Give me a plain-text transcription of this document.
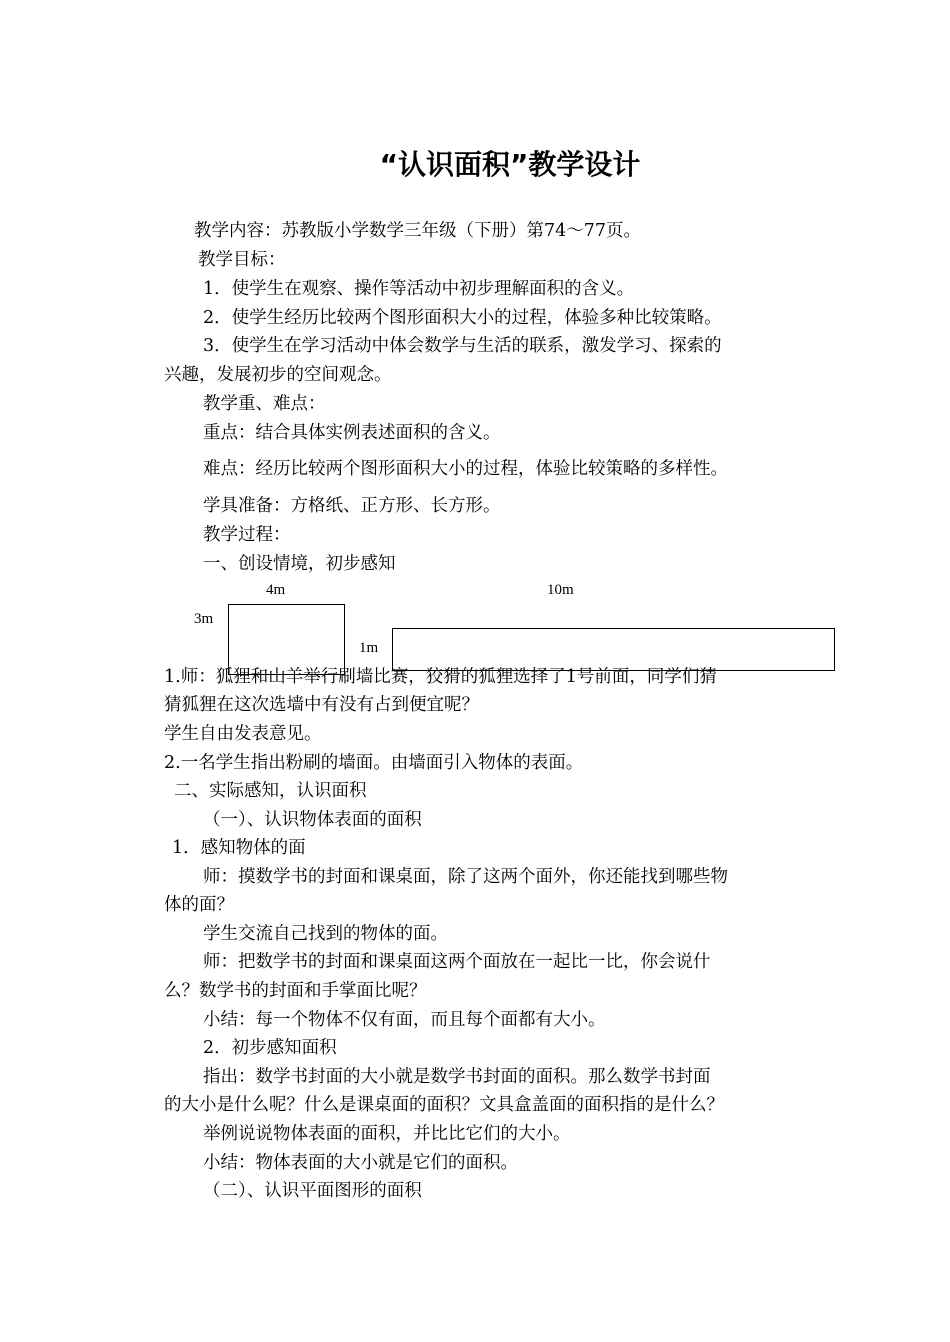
“认识面积”教学设计
教学内容：苏教版小学数学三年级（下册）第74～77页。
教学目标：
1．使学生在观察、操作等活动中初步理解面积的含义。
2．使学生经历比较两个图形面积大小的过程，体验多种比较策略。
3．使学生在学习活动中体会数学与生活的联系，激发学习、探索的
兴趣，发展初步的空间观念。
教学重、难点：
重点：结合具体实例表述面积的含义。
难点：经历比较两个图形面积大小的过程，体验比较策略的多样性。
学具准备：方格纸、正方形、长方形。
教学过程：
一、创设情境，初步感知
4m	10m
3m
1m
1.师：狐狸和山羊举行刷墙比赛，狡猾的狐狸选择了1号前面，同学们猜
猜狐狸在这次选墙中有没有占到便宜呢？
学生自由发表意见。
2.一名学生指出粉刷的墙面。由墙面引入物体的表面。
二、实际感知，认识面积
（一）、认识物体表面的面积
1．感知物体的面
师：摸数学书的封面和课桌面，除了这两个面外，你还能找到哪些物
体的面？
学生交流自己找到的物体的面。
师：把数学书的封面和课桌面这两个面放在一起比一比，你会说什
么？数学书的封面和手掌面比呢？
小结：每一个物体不仅有面，而且每个面都有大小。
2．初步感知面积
指出：数学书封面的大小就是数学书封面的面积。那么数学书封面
的大小是什么呢？什么是课桌面的面积？文具盒盖面的面积指的是什么？
举例说说物体表面的面积，并比比它们的大小。
小结：物体表面的大小就是它们的面积。
（二）、认识平面图形的面积
